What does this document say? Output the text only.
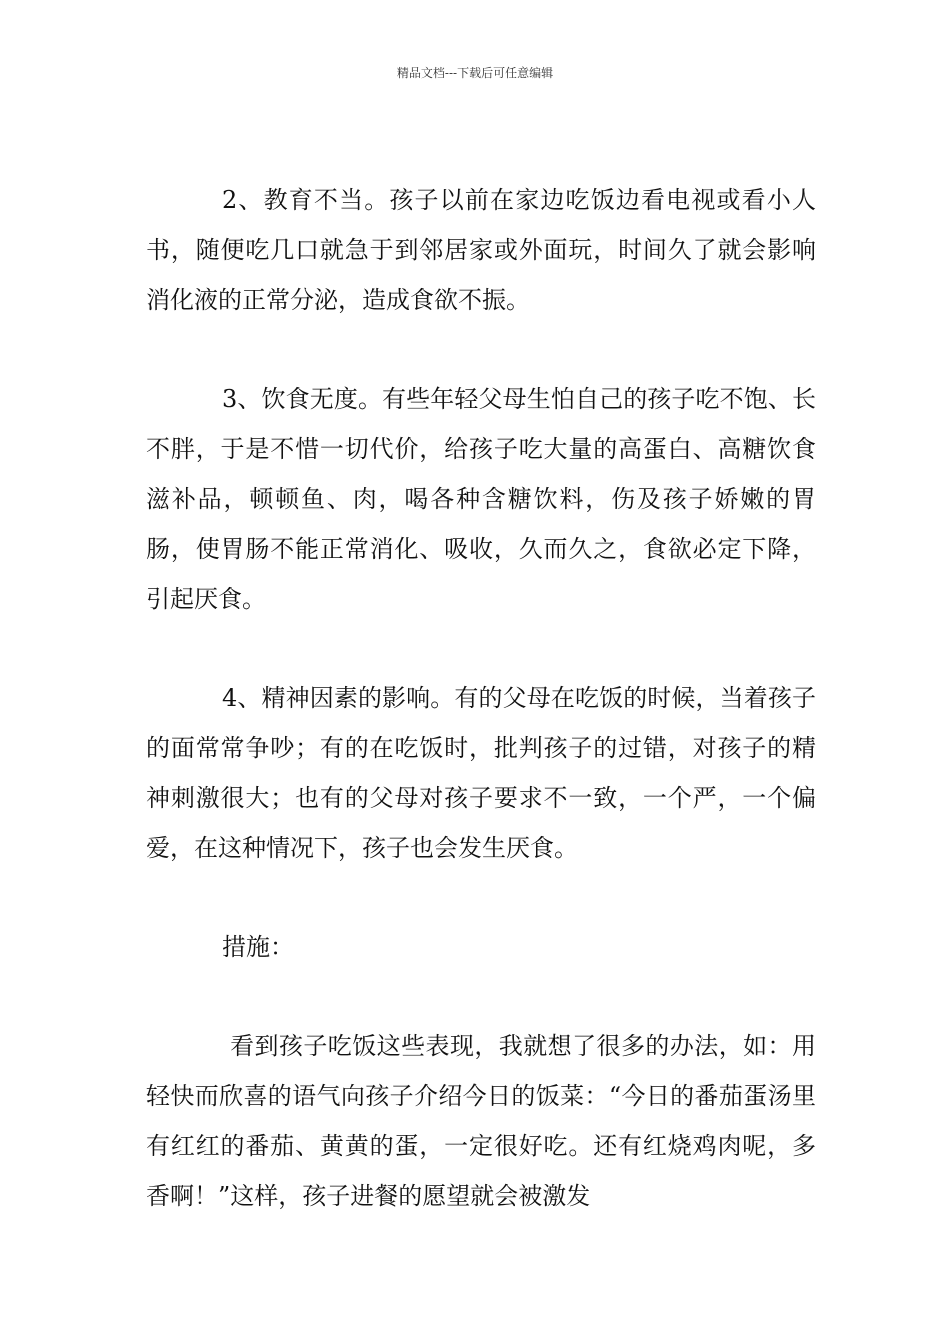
精品文档---下载后可任意编辑

2、教育不当。孩子以前在家边吃饭边看电视或看小人书，随便吃几口就急于到邻居家或外面玩，时间久了就会影响消化液的正常分泌，造成食欲不振。

3、饮食无度。有些年轻父母生怕自己的孩子吃不饱、长不胖，于是不惜一切代价，给孩子吃大量的高蛋白、高糖饮食滋补品，顿顿鱼、肉，喝各种含糖饮料，伤及孩子娇嫩的胃肠，使胃肠不能正常消化、吸收，久而久之，食欲必定下降，引起厌食。

4、精神因素的影响。有的父母在吃饭的时候，当着孩子的面常常争吵；有的在吃饭时，批判孩子的过错，对孩子的精神刺激很大；也有的父母对孩子要求不一致，一个严，一个偏爱，在这种情况下，孩子也会发生厌食。

措施：

看到孩子吃饭这些表现，我就想了很多的办法，如：用轻快而欣喜的语气向孩子介绍今日的饭菜：“今日的番茄蛋汤里有红红的番茄、黄黄的蛋，一定很好吃。还有红烧鸡肉呢，多香啊！”这样，孩子进餐的愿望就会被激发
